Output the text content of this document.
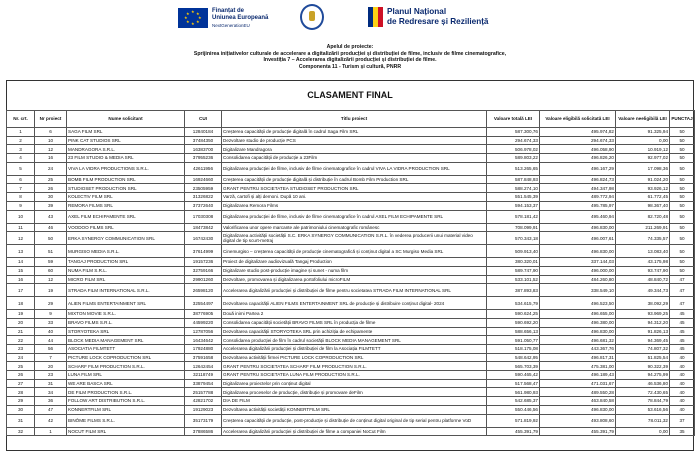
★ ★
★
★
★
★
★
★	Finanțat de
Uniunea Europeană
NextGenerationEU
Planul Național
de Redresare și Reziliență
Apelul de proiecte:
Sprijinirea inițiativelor culturale de accelerare a digitalizării producției și distribuției de filme, inclusiv de filme cinematografice,
Investiția 7 – Accelerarea digitalizării producției și distribuției de filme.
Componenta 11 - Turism și cultură, PNRR
CLASAMENT FINAL
Nr. crt.	Nr proiect	Nume solicitant	CUI	Titlu proiect	Valoare totală LEI	Valoare eligibilă solicitată LEI	Valoare neeligibilă LEI	PUNCTAJ
1	6	SAGA FILM SRL	12840184	Creșterea capacității de producție digitală în cadrul Saga Film SRL	587.300,76	495.974,82	91.325,94	50
2	10	PINK CAT STUDIOS SRL	37484350	Dezvoltare studio de producție PCS	294.674,33	294.674,33	0,00	50
3	12	MANDRAGORA S.R.L.	16383700	Digitalizare Mandragora	506.978,02	496.058,90	10.919,12	50
4	16	23 FILM STUDIO & MEDIA SRL	37955236	Consolidarea capacității de producție a 23Film	589.803,22	496.826,20	92.977,02	50
5	24	VIVA LA VIDRA PRODUCTIONS S.R.L.	42611956	Digitalizarea producției de filme, inclusiv de filme cinematografice în cadrul VIVA LA VIDRA PRODUCTION SRL	513.265,65	496.167,29	17.098,36	50
6	25	BOMB FILM PRODUCTION SRL	16924660	Creșterea capacității de producție digitală și distribuție în cadrul Bomb Film Production SRL	587.848,93	496.824,73	91.024,20	50
7	26	STUDIOSET PRODUCTION SRL	23505959	GRANT PENTRU SOCIETATEA STUDIOSET PRODUCTION SRL	588.274,10	494.347,98	93.926,12	50
8	30	KOLECTIV FILM SRL	31326822	Varză, cartofi și alți demoni. După 10 ani.	551.545,39	489.772,94	61.772,45	50
9	39	REMORA FILMS SRL	37372640	Digitalizarea Remora Films	594.153,37	495.785,97	98.367,40	50
10	43	AXEL FILM ECHIPAMENTE SRL	17030308	Digitalizarea producției de filme, inclusiv de filme cinematografice în cadrul AXEL FILM ECHIPAMENTE SRL	578.181,42	495.460,94	82.720,48	50
11	46	VOODOO FILMS SRL	18473842	Valorificarea unor opere marcante ale patrimoniului cinematografic românesc	708.099,91	496.830,00	211.269,91	50
12	50	ERKA SYNERGY COMMUNICATION SRL	16742430	Digitalizarea activității societății S.C. ERKA SYNERGY COMMUNICATION S.R.L. în vederea producerii unui material video digital de tip scurt-metraj	570.343,18	496.007,61	74.335,57	50
13	51	MURGISO MEDIA S.R.L.	37614999	Cinemurgiso – creșterea capacității de producție cinematografică și conținut digital a SC Murgiso Media SRL	509.913,40	496.830,00	13.083,40	50
14	59	TANGAJ PRODUCTION SRL	19157236	Proiect de digitalizare audiovizuală Tangaj Production	380.320,01	337.144,03	43.175,98	50
15	60	NUMA FILM S.R.L.	32759166	Digitalizare studio post-producție imagine și sunet - numa film	589.747,90	496.000,00	93.747,90	50
16	12	MICRO FILM SRL	29901260	Dezvoltare, promovarea și digitalizarea portofoliului microFILM	533.101,52	484.260,80	48.840,72	47
17	19	STRADA FILM INTERNATIONAL S.R.L.	26598120	Accelerarea digitalizării producției și distribuției de filme pentru societatea STRADA FILM INTERNATIONAL SRL	387.893,83	338.549,10	49.344,73	47
18	29	ALIEN FILMS ENTERTAINMENT SRL	32554497	Dezvoltarea capacității ALIEN FILMS ENTERTAINMENT SRL de producție și distribuire conținut digital- 2024	534.615,79	496.523,50	38.092,29	47
19	9	MIXTON MOVIE S.R.L.	38776905	Două inimi Partea 2	590.624,25	496.655,00	93.969,25	45
20	33	BRAVO FILMS S.R.L.	44599220	Consolidarea capacității societății BRAVO FILMS SRL în producția de filme	590.692,20	496.380,00	94.312,20	45
21	40	STORYOTEKA SRL	12787056	Dezvoltarea capacității STORYOTEKA SRL prin achiziția de echipamente	588.656,13	496.830,00	91.826,13	45
22	44	BLOCK MEDIA MANAGEMENT SRL	16434642	Consolidarea producției de film în cadrul societății BLOCK MEDIA MANAGEMENT SRL	591.050,77	496.681,32	94.369,45	45
23	56	ASOCIATIA FILMTETT	17924880	Accelerarea digitalizării producției și distribuției de film la Asociația FILMTETT	518.175,08	443.367,76	74.807,32	45
24	7	PICTURE LOCK COPRODUCTION SRL	37591658	Dezvoltarea activității firmei PICTURE LOCK COPRODUCTION SRL	548.642,95	496.817,31	51.825,54	40
25	20	SCHARF FILM PRODUCTION S.R.L.	12642454	GRANT PENTRU SOCIETATEA SCHARF FILM PRODUCTION S.R.L.	565.703,39	475.381,00	90.322,39	40
26	23	LUNA FILM SRL	32118749	GRANT PENTRU SOCIETATEA LUNA FILM PRODUCTION S.R.L.	590.465,42	496.189,43	94.275,99	40
27	31	WE ARE BASCA SRL	33879454	Digitalizarea proiectelor prin conținut digital	517.568,47	471.031,67	46.536,80	40
28	34	DE FILM PRODUCTION S.R.L.	25157788	Digitalizarea proceselor de producție, distribuție și promovare deFilm	561.980,93	489.550,28	72.430,65	40
29	36	FOLLOW ART DISTRIBUTION S.R.L.	42821702	DIA DE FILM	542.685,37	463.840,58	78.844,79	40
30	47	KONNERTFILM SRL	19129023	Dezvoltarea activității societății KONNERTFILM SRL	550.446,56	496.830,00	53.616,56	40
31	42	BINÔME FILMS S.R.L.	35173179	Creșterea capacității de producție, post-producție și distribuție de conținut digital original de tip serial pentru platforme VoD	571.819,92	493.808,60	78.011,32	37
32	1	NOCUT FILM SRL	37886586	Accelerarea digitalizării producției și distribuției de filme a companiei NoCut Film	455.391,79	455.391,79	0,00	35
